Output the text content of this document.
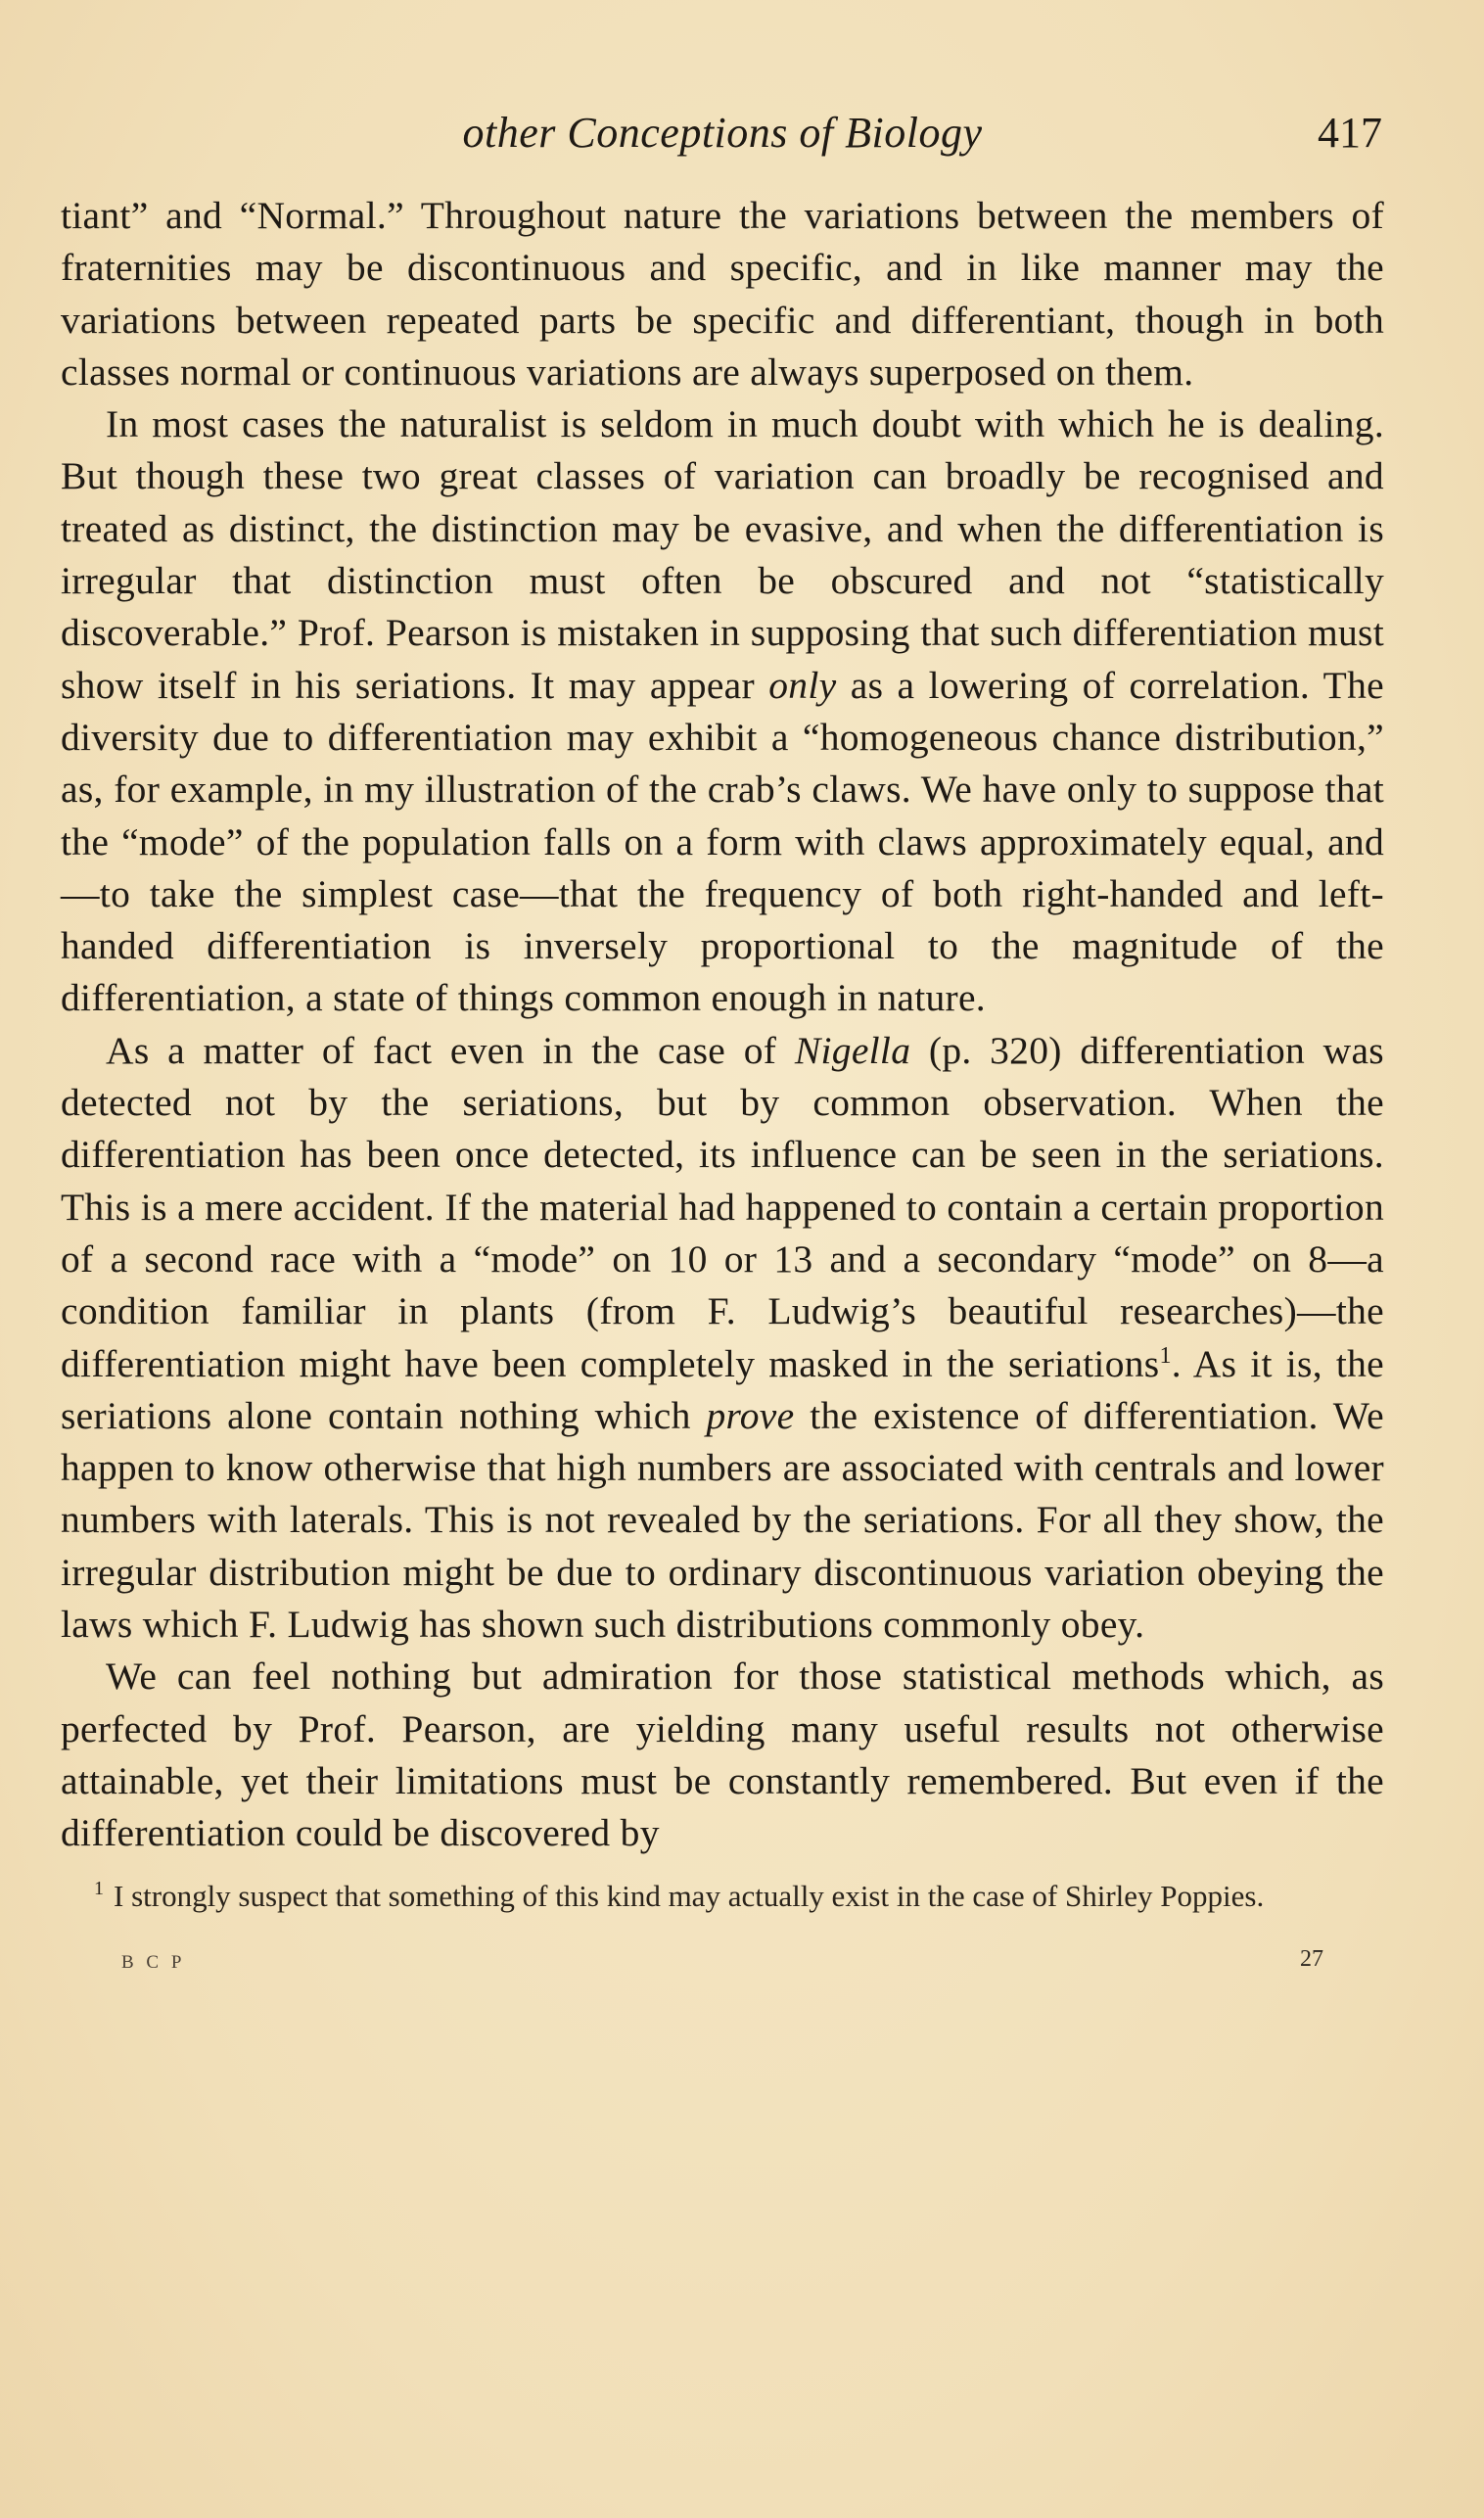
other Conceptions of Biology	417

tiant” and “Normal.” Throughout nature the variations between the members of fraternities may be discontinuous and specific, and in like manner may the variations between repeated parts be specific and differentiant, though in both classes normal or continuous variations are always superposed on them.

In most cases the naturalist is seldom in much doubt with which he is dealing. But though these two great classes of variation can broadly be recognised and treated as distinct, the distinction may be evasive, and when the differentiation is irregular that distinction must often be obscured and not “statistically discoverable.” Prof. Pearson is mistaken in supposing that such differentiation must show itself in his seriations. It may appear only as a lowering of correlation. The diversity due to differentiation may exhibit a “homogeneous chance distribution,” as, for example, in my illustration of the crab’s claws. We have only to suppose that the “mode” of the population falls on a form with claws approximately equal, and—to take the simplest case—that the frequency of both right-handed and left-handed differentiation is inversely proportional to the magnitude of the differentiation, a state of things common enough in nature.

As a matter of fact even in the case of Nigella (p. 320) differentiation was detected not by the seriations, but by common observation. When the differentiation has been once detected, its influence can be seen in the seriations. This is a mere accident. If the material had happened to contain a certain proportion of a second race with a “mode” on 10 or 13 and a secondary “mode” on 8—a condition familiar in plants (from F. Ludwig’s beautiful researches)—the differentiation might have been completely masked in the seriations$^1$. As it is, the seriations alone contain nothing which prove the existence of differentiation. We happen to know otherwise that high numbers are associated with centrals and lower numbers with laterals. This is not revealed by the seriations. For all they show, the irregular distribution might be due to ordinary discontinuous variation obeying the laws which F. Ludwig has shown such distributions commonly obey.

We can feel nothing but admiration for those statistical methods which, as perfected by Prof. Pearson, are yielding many useful results not otherwise attainable, yet their limitations must be constantly remembered. But even if the differentiation could be discovered by

$^1$ I strongly suspect that something of this kind may actually exist in the case of Shirley Poppies.
B C P	27
